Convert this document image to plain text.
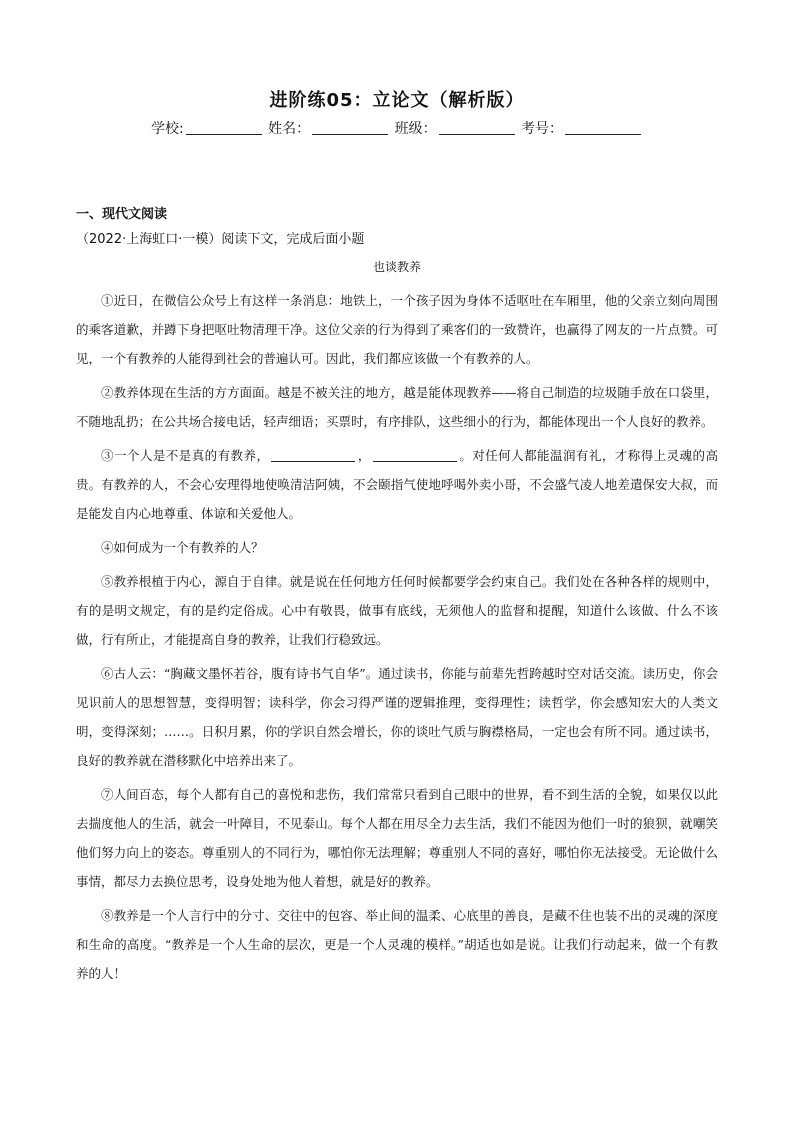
进阶练05：立论文（解析版）
学校:	姓名：	班级：	考号：
一、现代文阅读
（2022·上海虹口·一模）阅读下文，完成后面小题
也谈教养

①近日，在微信公众号上有这样一条消息：地铁上，一个孩子因为身体不适呕吐在车厢里，他的父亲立刻向周围的乘客道歉，并蹲下身把呕吐物清理干净。这位父亲的行为得到了乘客们的一致赞许，也赢得了网友的一片点赞。可见，一个有教养的人能得到社会的普遍认可。因此，我们都应该做一个有教养的人。

②教养体现在生活的方方面面。越是不被关注的地方，越是能体现教养——将自己制造的垃圾随手放在口袋里，不随地乱扔；在公共场合接电话，轻声细语；买票时，有序排队，这些细小的行为，都能体现出一个人良好的教养。

③一个人是不是真的有教养，	，	。对任何人都能温润有礼，才称得上灵魂的高贵。有教养的人，不会心安理得地使唤清洁阿姨，不会颐指气使地呼喝外卖小哥，不会盛气凌人地差遣保安大叔，而是能发自内心地尊重、体谅和关爱他人。

④如何成为一个有教养的人？

⑤教养根植于内心，源自于自律。就是说在任何地方任何时候都要学会约束自己。我们处在各种各样的规则中，有的是明文规定，有的是约定俗成。心中有敬畏，做事有底线，无须他人的监督和提醒，知道什么该做、什么不该做，行有所止，才能提高自身的教养，让我们行稳致远。

⑥古人云：“胸藏文墨怀若谷，腹有诗书气自华”。通过读书，你能与前辈先哲跨越时空对话交流。读历史，你会见识前人的思想智慧，变得明智；读科学，你会习得严谨的逻辑推理，变得理性；读哲学，你会感知宏大的人类文明，变得深刻；……。日积月累，你的学识自然会增长，你的谈吐气质与胸襟格局，一定也会有所不同。通过读书，良好的教养就在潜移默化中培养出来了。

⑦人间百态，每个人都有自己的喜悦和悲伤，我们常常只看到自己眼中的世界，看不到生活的全貌，如果仅以此去揣度他人的生活，就会一叶障目，不见泰山。每个人都在用尽全力去生活，我们不能因为他们一时的狼狈，就嘲笑他们努力向上的姿态。尊重别人的不同行为，哪怕你无法理解；尊重别人不同的喜好，哪怕你无法接受。无论做什么事情，都尽力去换位思考，设身处地为他人着想，就是好的教养。

⑧教养是一个人言行中的分寸、交往中的包容、举止间的温柔、心底里的善良，是藏不住也装不出的灵魂的深度和生命的高度。“教养是一个人生命的层次，更是一个人灵魂的模样。”胡适也如是说。让我们行动起来，做一个有教养的人！
